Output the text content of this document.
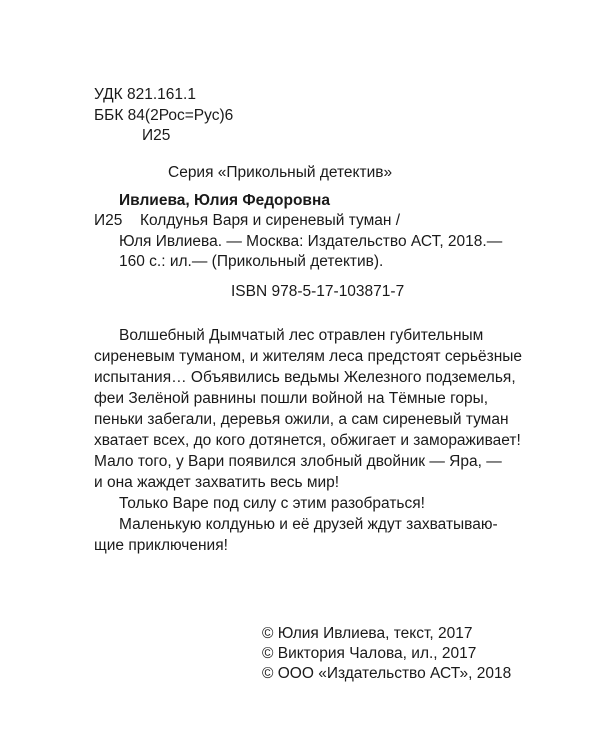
УДК 821.161.1
ББК 84(2Рос=Рус)6
И25
Серия «Прикольный детектив»
Ивлиева, Юлия Федоровна
И25 Колдунья Варя и сиреневый туман /
Юля Ивлиева. — Москва: Издательство АСТ, 2018.—
160 с.: ил.— (Прикольный детектив).
ISBN 978-5-17-103871-7
Волшебный Дымчатый лес отравлен губительным
сиреневым туманом, и жителям леса предстоят серьёзные
испытания… Объявились ведьмы Железного подземелья,
феи Зелёной равнины пошли войной на Тёмные горы,
пеньки забегали, деревья ожили, а сам сиреневый туман
хватает всех, до кого дотянется, обжигает и замораживает!
Мало того, у Вари появился злобный двойник — Яра, —
и она жаждет захватить весь мир!
Только Варе под силу с этим разобраться!
Маленькую колдунью и её друзей ждут захватываю-
щие приключения!
© Юлия Ивлиева, текст, 2017
© Виктория Чалова, ил., 2017
© ООО «Издательство АСТ», 2018
